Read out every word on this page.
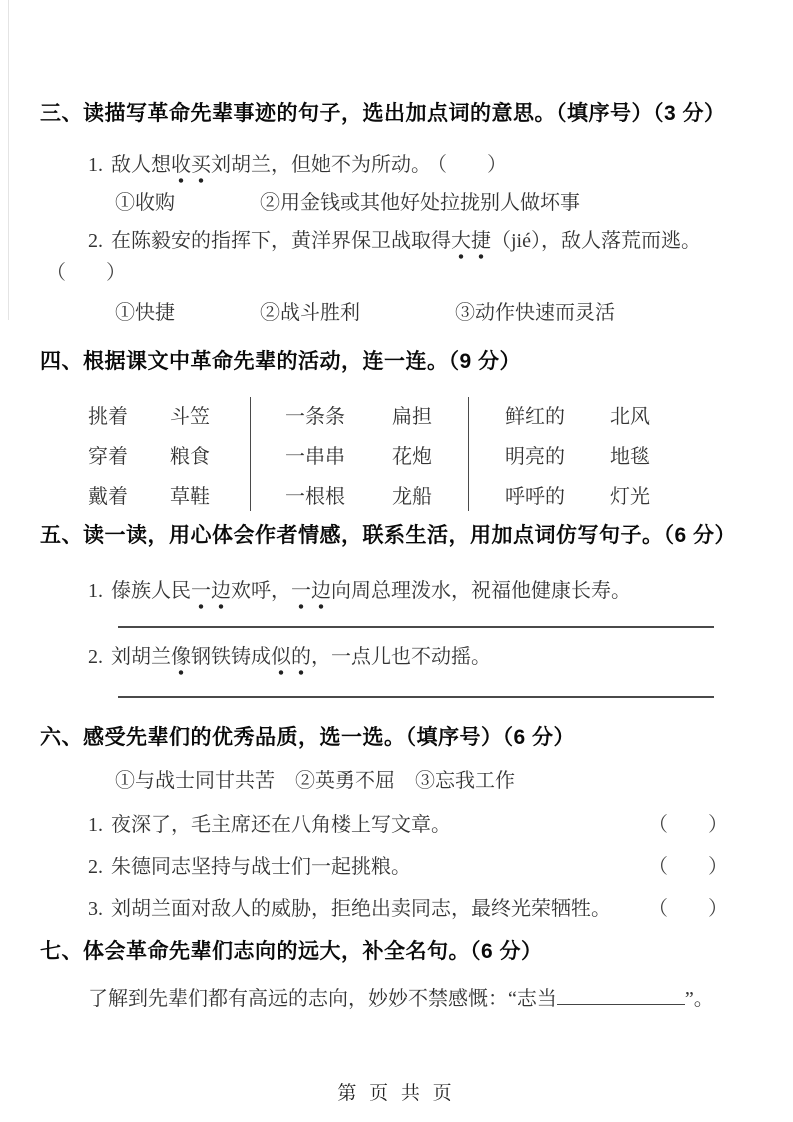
三、读描写革命先辈事迹的句子，选出加点词的意思。（填序号）（3 分）
1. 敌人想收买刘胡兰，但她不为所动。 （　　）
①收购	②用金钱或其他好处拉拢别人做坏事
2. 在陈毅安的指挥下，黄洋界保卫战取得大捷（jié），敌人落荒而逃。
（　　）
①快捷	②战斗胜利	③动作快速而灵活
四、根据课文中革命先辈的活动，连一连。（9 分）
挑着	斗笠	一条条	扁担	鲜红的	北风
穿着	粮食	一串串	花炮	明亮的	地毯
戴着	草鞋	一根根	龙船	呼呼的	灯光
五、读一读，用心体会作者情感，联系生活，用加点词仿写句子。（6 分）
1. 傣族人民一边欢呼，一边向周总理泼水，祝福他健康长寿。
2. 刘胡兰像钢铁铸成似的，一点儿也不动摇。
六、感受先辈们的优秀品质，选一选。（填序号）（6 分）
①与战士同甘共苦 ②英勇不屈 ③忘我工作
1. 夜深了，毛主席还在八角楼上写文章。	（　　）
2. 朱德同志坚持与战士们一起挑粮。	（　　）
3. 刘胡兰面对敌人的威胁，拒绝出卖同志，最终光荣牺牲。 （　　）
七、体会革命先辈们志向的远大，补全名句。（6 分）
了解到先辈们都有高远的志向，妙妙不禁感慨：“志当	”。
第 页 共 页
